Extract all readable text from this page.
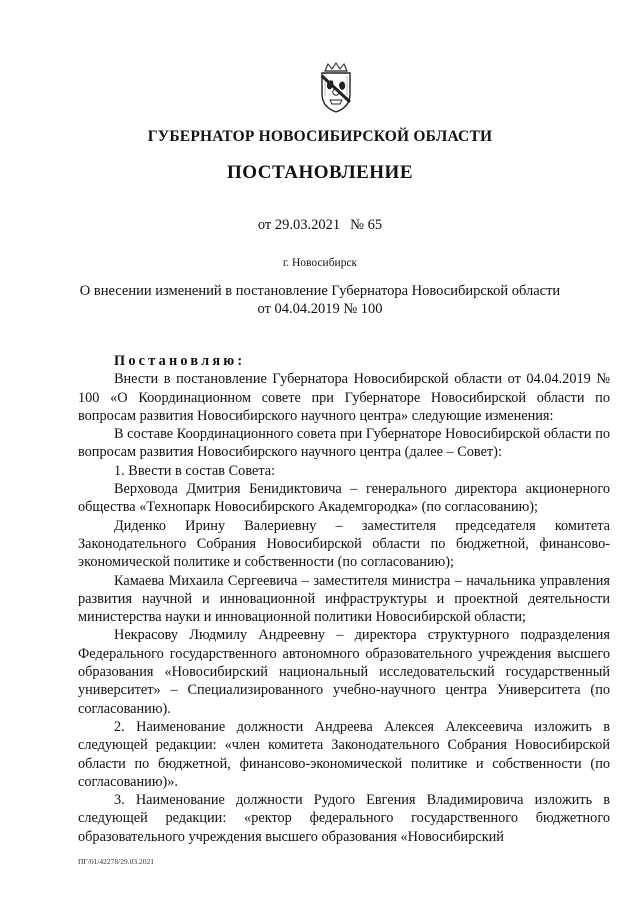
ГУБЕРНАТОР НОВОСИБИРСКОЙ ОБЛАСТИ
ПОСТАНОВЛЕНИЕ
от 29.03.2021 № 65
г. Новосибирск
О внесении изменений в постановление Губернатора Новосибирской области
от 04.04.2019 № 100

Постановляю:

Внести в постановление Губернатора Новосибирской области от 04.04.2019 № 100 «О Координационном совете при Губернаторе Новосибирской области по вопросам развития Новосибирского научного центра» следующие изменения:

В составе Координационного совета при Губернаторе Новосибирской области по вопросам развития Новосибирского научного центра (далее – Совет):

1. Ввести в состав Совета:

Верховода Дмитрия Бенидиктовича – генерального директора акционерного общества «Технопарк Новосибирского Академгородка» (по согласованию);

Диденко Ирину Валериевну – заместителя председателя комитета Законодательного Собрания Новосибирской области по бюджетной, финансово-экономической политике и собственности (по согласованию);

Камаева Михаила Сергеевича – заместителя министра – начальника управления развития научной и инновационной инфраструктуры и проектной деятельности министерства науки и инновационной политики Новосибирской области;

Некрасову Людмилу Андреевну – директора структурного подразделения Федерального государственного автономного образовательного учреждения высшего образования «Новосибирский национальный исследовательский государственный университет» – Специализированного учебно-научного центра Университета (по согласованию).

2. Наименование должности Андреева Алексея Алексеевича изложить в следующей редакции: «член комитета Законодательного Собрания Новосибирской области по бюджетной, финансово-экономической политике и собственности (по согласованию)».

3. Наименование должности Рудого Евгения Владимировича изложить в следующей редакции: «ректор федерального государственного бюджетного образовательного учреждения высшего образования «Новосибирский

ПГ/01/42278/29.03.2021
